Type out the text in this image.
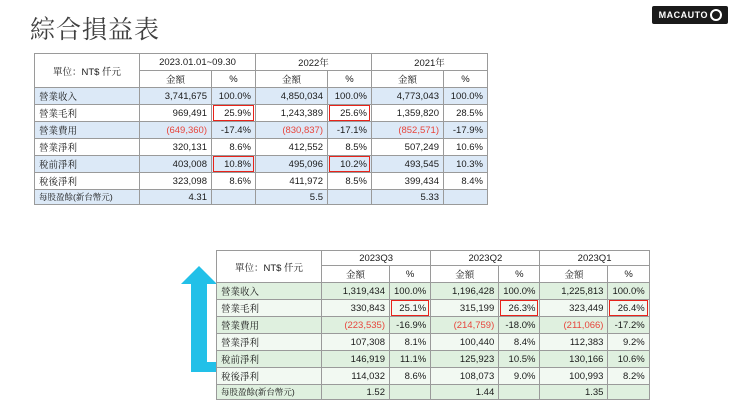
綜合損益表
MACAUTO
單位：NT$ 仟元	2023.01.01~09.30		2022年		2021年	
	金額	%	金額	%	金額	%
營業收入	3,741,675	100.0%	4,850,034	100.0%	4,773,043	100.0%
營業毛利	969,491	25.9%	1,243,389	25.6%	1,359,820	28.5%
營業費用	(649,360)	-17.4%	(830,837)	-17.1%	(852,571)	-17.9%
營業淨利	320,131	8.6%	412,552	8.5%	507,249	10.6%
稅前淨利	403,008	10.8%	495,096	10.2%	493,545	10.3%
稅後淨利	323,098	8.6%	411,972	8.5%	399,434	8.4%
每股盈餘(新台幣元)	4.31		5.5		5.33	
單位：NT$ 仟元	2023Q3		2023Q2		2023Q1	
	金額	%	金額	%	金額	%
營業收入	1,319,434	100.0%	1,196,428	100.0%	1,225,813	100.0%
營業毛利	330,843	25.1%	315,199	26.3%	323,449	26.4%
營業費用	(223,535)	-16.9%	(214,759)	-18.0%	(211,066)	-17.2%
營業淨利	107,308	8.1%	100,440	8.4%	112,383	9.2%
稅前淨利	146,919	11.1%	125,923	10.5%	130,166	10.6%
稅後淨利	114,032	8.6%	108,073	9.0%	100,993	8.2%
每股盈餘(新台幣元)	1.52		1.44		1.35	
